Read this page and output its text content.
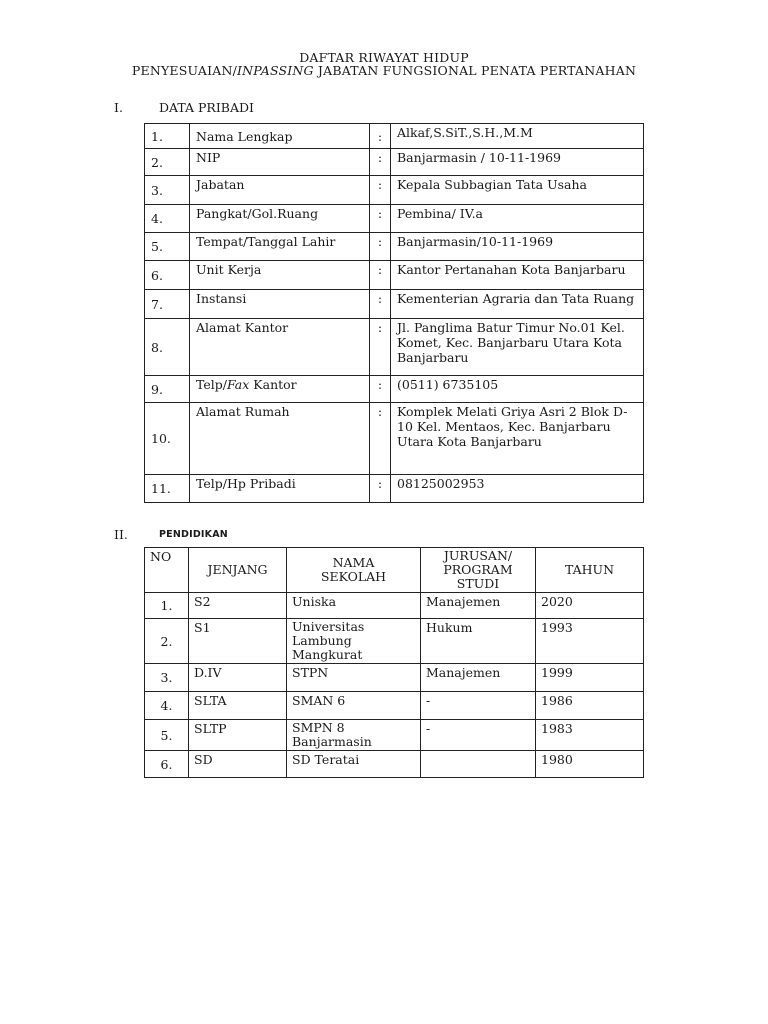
DAFTAR RIWAYAT HIDUP
PENYESUAIAN/INPASSING JABATAN FUNGSIONAL PENATA PERTANAHAN
I.	DATA PRIBADI
1.	Nama Lengkap	:	Alkaf,S.SiT.,S.H.,M.M
2.	NIP	:	Banjarmasin / 10-11-1969
3.	Jabatan	:	Kepala Subbagian Tata Usaha
4.	Pangkat/Gol.Ruang	:	Pembina/ IV.a
5.	Tempat/Tanggal Lahir	:	Banjarmasin/10-11-1969
6.	Unit Kerja	:	Kantor Pertanahan Kota Banjarbaru
7.	Instansi	:	Kementerian Agraria dan Tata Ruang
8.	Alamat Kantor	:	Jl. Panglima Batur Timur No.01 Kel. Komet, Kec. Banjarbaru Utara Kota Banjarbaru
9.	Telp/Fax Kantor	:	(0511) 6735105
10.	Alamat Rumah	:	Komplek Melati Griya Asri 2 Blok D-10 Kel. Mentaos, Kec. Banjarbaru Utara Kota Banjarbaru
11.	Telp/Hp Pribadi	:	08125002953
II.	PENDIDIKAN
NO	JENJANG	NAMA SEKOLAH	JURUSAN/ PROGRAM STUDI	TAHUN
1.	S2	Uniska	Manajemen	2020
2.	S1	Universitas Lambung Mangkurat	Hukum	1993
3.	D.IV	STPN	Manajemen	1999
4.	SLTA	SMAN 6	-	1986
5.	SLTP	SMPN 8 Banjarmasin	-	1983
6.	SD	SD Teratai		1980
